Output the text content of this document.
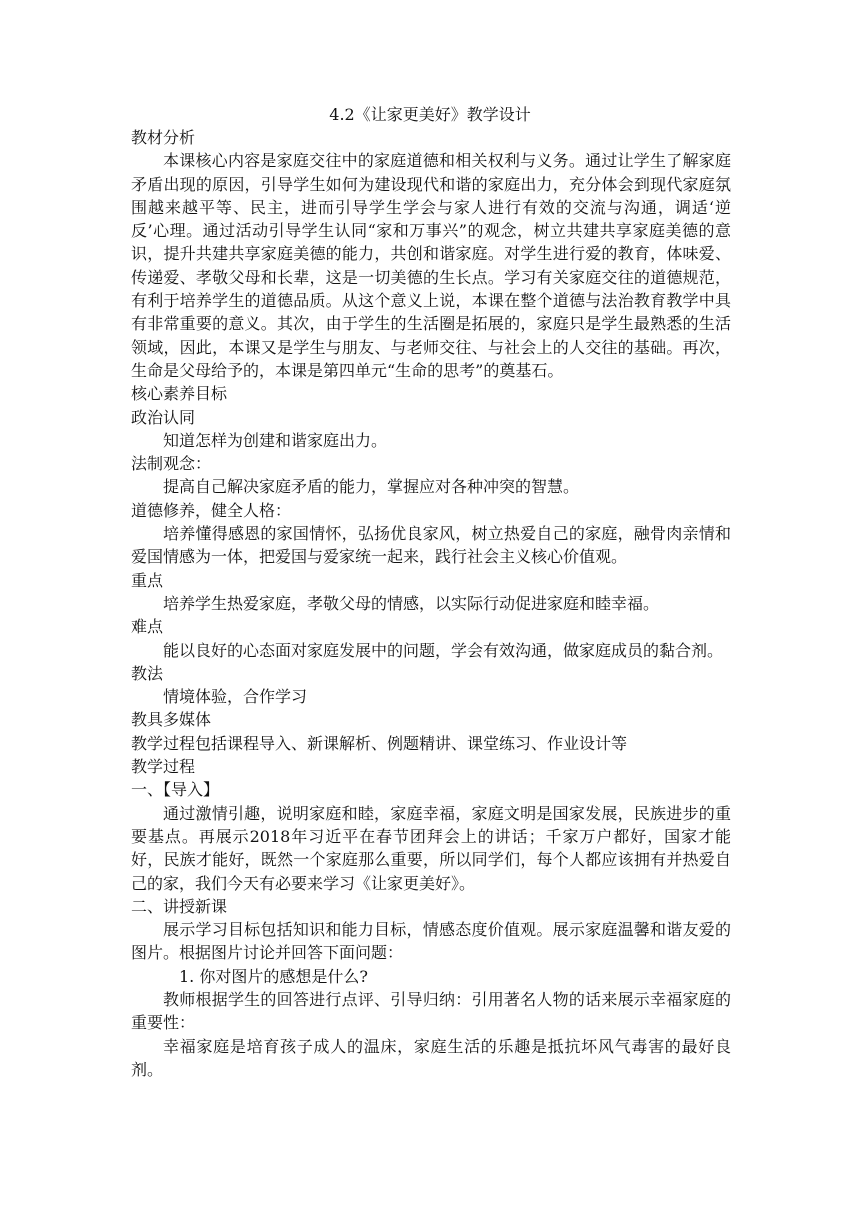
4.2《让家更美好》教学设计

教材分析

本课核心内容是家庭交往中的家庭道德和相关权利与义务。通过让学生了解家庭矛盾出现的原因，引导学生如何为建设现代和谐的家庭出力，充分体会到现代家庭氛围越来越平等、民主，进而引导学生学会与家人进行有效的交流与沟通，调适‘逆反’心理。通过活动引导学生认同“家和万事兴”的观念，树立共建共享家庭美德的意识，提升共建共享家庭美德的能力，共创和谐家庭。对学生进行爱的教育，体味爱、传递爱、孝敬父母和长辈，这是一切美德的生长点。学习有关家庭交往的道德规范，有利于培养学生的道德品质。从这个意义上说，本课在整个道德与法治教育教学中具有非常重要的意义。其次，由于学生的生活圈是拓展的，家庭只是学生最熟悉的生活领域，因此，本课又是学生与朋友、与老师交往、与社会上的人交往的基础。再次，生命是父母给予的，本课是第四单元“生命的思考”的奠基石。

核心素养目标

政治认同

知道怎样为创建和谐家庭出力。

法制观念：

提高自己解决家庭矛盾的能力，掌握应对各种冲突的智慧。

道德修养，健全人格：

培养懂得感恩的家国情怀，弘扬优良家风，树立热爱自己的家庭，融骨肉亲情和爱国情感为一体，把爱国与爱家统一起来，践行社会主义核心价值观。

重点

培养学生热爱家庭，孝敬父母的情感，以实际行动促进家庭和睦幸福。

难点

能以良好的心态面对家庭发展中的问题，学会有效沟通，做家庭成员的黏合剂。

教法

情境体验，合作学习

教具多媒体

教学过程包括课程导入、新课解析、例题精讲、课堂练习、作业设计等

教学过程

一、【导入】

通过激情引趣，说明家庭和睦，家庭幸福，家庭文明是国家发展，民族进步的重要基点。再展示2018年习近平在春节团拜会上的讲话；千家万户都好，国家才能好，民族才能好，既然一个家庭那么重要，所以同学们，每个人都应该拥有并热爱自己的家，我们今天有必要来学习《让家更美好》。

二、讲授新课

展示学习目标包括知识和能力目标，情感态度价值观。展示家庭温馨和谐友爱的图片。根据图片讨论并回答下面问题：

1. 你对图片的感想是什么?

教师根据学生的回答进行点评、引导归纳：引用著名人物的话来展示幸福家庭的重要性：

幸福家庭是培育孩子成人的温床，家庭生活的乐趣是抵抗坏风气毒害的最好良剂。
